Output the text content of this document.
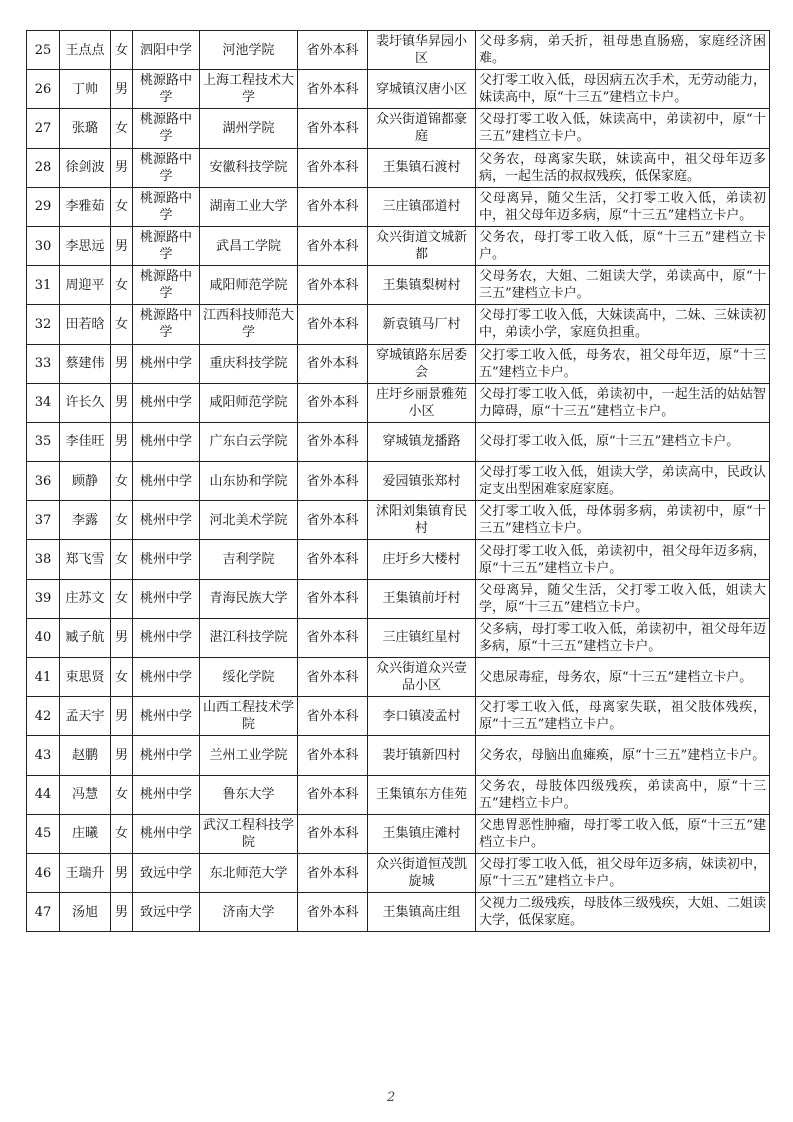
25	王点点	女	泗阳中学	河池学院	省外本科	裴圩镇华昇园小区	父母多病，弟夭折，祖母患直肠癌，家庭经济困难。
26	丁帅	男	桃源路中学	上海工程技术大学	省外本科	穿城镇汉唐小区	父打零工收入低，母因病五次手术，无劳动能力，妹读高中，原“十三五”建档立卡户。
27	张璐	女	桃源路中学	湖州学院	省外本科	众兴街道锦都豪庭	父母打零工收入低，妹读高中，弟读初中，原“十三五”建档立卡户。
28	徐剑波	男	桃源路中学	安徽科技学院	省外本科	王集镇石渡村	父务农，母离家失联，妹读高中，祖父母年迈多病，一起生活的叔叔残疾，低保家庭。
29	李雅茹	女	桃源路中学	湖南工业大学	省外本科	三庄镇邵道村	父母离异，随父生活，父打零工收入低，弟读初中，祖父母年迈多病，原“十三五”建档立卡户。
30	李思远	男	桃源路中学	武昌工学院	省外本科	众兴街道文城新都	父务农，母打零工收入低，原“十三五”建档立卡户。
31	周迎平	女	桃源路中学	咸阳师范学院	省外本科	王集镇梨树村	父母务农，大姐、二姐读大学，弟读高中，原“十三五”建档立卡户。
32	田若晗	女	桃源路中学	江西科技师范大学	省外本科	新袁镇马厂村	父母打零工收入低，大妹读高中，二妹、三妹读初中，弟读小学，家庭负担重。
33	蔡建伟	男	桃州中学	重庆科技学院	省外本科	穿城镇路东居委会	父打零工收入低，母务农，祖父母年迈，原“十三五”建档立卡户。
34	许长久	男	桃州中学	咸阳师范学院	省外本科	庄圩乡丽景雅苑小区	父母打零工收入低，弟读初中，一起生活的姑姑智力障碍，原“十三五”建档立卡户。
35	李佳旺	男	桃州中学	广东白云学院	省外本科	穿城镇龙播路	父母打零工收入低，原“十三五”建档立卡户。
36	顾静	女	桃州中学	山东协和学院	省外本科	爱园镇张郑村	父母打零工收入低，姐读大学，弟读高中，民政认定支出型困难家庭家庭。
37	李露	女	桃州中学	河北美术学院	省外本科	沭阳刘集镇育民村	父打零工收入低，母体弱多病，弟读初中，原“十三五”建档立卡户。
38	郑飞雪	女	桃州中学	吉利学院	省外本科	庄圩乡大楼村	父母打零工收入低，弟读初中，祖父母年迈多病，原“十三五”建档立卡户。
39	庄苏文	女	桃州中学	青海民族大学	省外本科	王集镇前圩村	父母离异，随父生活，父打零工收入低，姐读大学，原“十三五”建档立卡户。
40	臧子航	男	桃州中学	湛江科技学院	省外本科	三庄镇红星村	父多病，母打零工收入低，弟读初中，祖父母年迈多病，原“十三五”建档立卡户。
41	束思贤	女	桃州中学	绥化学院	省外本科	众兴街道众兴壹品小区	父患尿毒症，母务农，原“十三五”建档立卡户。
42	孟天宇	男	桃州中学	山西工程技术学院	省外本科	李口镇凌孟村	父打零工收入低，母离家失联，祖父肢体残疾，原“十三五”建档立卡户。
43	赵鹏	男	桃州中学	兰州工业学院	省外本科	裴圩镇新四村	父务农，母脑出血瘫痪，原“十三五”建档立卡户。
44	冯慧	女	桃州中学	鲁东大学	省外本科	王集镇东方佳苑	父务农，母肢体四级残疾，弟读高中，原“十三五”建档立卡户。
45	庄曦	女	桃州中学	武汉工程科技学院	省外本科	王集镇庄滩村	父患胃恶性肿瘤，母打零工收入低，原“十三五”建档立卡户。
46	王瑞升	男	致远中学	东北师范大学	省外本科	众兴街道恒茂凯旋城	父母打零工收入低，祖父母年迈多病，妹读初中，原“十三五”建档立卡户。
47	汤旭	男	致远中学	济南大学	省外本科	王集镇高庄组	父视力二级残疾，母肢体三级残疾，大姐、二姐读大学，低保家庭。
2
